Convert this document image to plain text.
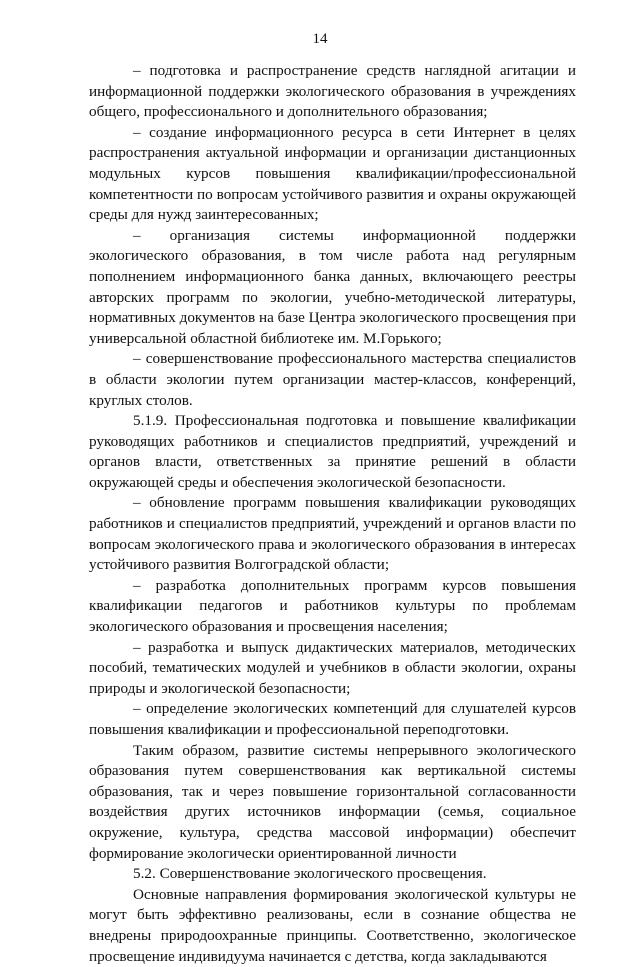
14

– подготовка и распространение средств наглядной агитации и информационной поддержки экологического образования в учреждениях общего, профессионального и дополнительного образования;

– создание информационного ресурса в сети Интернет в целях распространения актуальной информации и организации дистанционных модульных курсов повышения квалификации/профессиональной компетентности по вопросам устойчивого развития и охраны окружающей среды для нужд заинтересованных;

– организация системы информационной поддержки экологического образования, в том числе работа над регулярным пополнением информационного банка данных, включающего реестры авторских программ по экологии, учебно-методической литературы, нормативных документов на базе Центра экологического просвещения при универсальной областной библиотеке им. М.Горького;

– совершенствование профессионального мастерства специалистов в области экологии путем организации мастер-классов, конференций, круглых столов.

5.1.9. Профессиональная подготовка и повышение квалификации руководящих работников и специалистов предприятий, учреждений и органов власти, ответственных за принятие решений в области окружающей среды и обеспечения экологической безопасности.

– обновление программ повышения квалификации руководящих работников и специалистов предприятий, учреждений и органов власти по вопросам экологического права и экологического образования в интересах устойчивого развития Волгоградской области;

– разработка дополнительных программ курсов повышения квалификации педагогов и работников культуры по проблемам экологического образования и просвещения населения;

– разработка и выпуск дидактических материалов, методических пособий, тематических модулей и учебников в области экологии, охраны природы и экологической безопасности;

– определение экологических компетенций для слушателей курсов повышения квалификации и профессиональной переподготовки.

Таким образом, развитие системы непрерывного экологического образования путем совершенствования как вертикальной системы образования, так и через повышение горизонтальной согласованности воздействия других источников информации (семья, социальное окружение, культура, средства массовой информации) обеспечит формирование экологически ориентированной личности

5.2. Совершенствование экологического просвещения.

Основные направления формирования экологической культуры не могут быть эффективно реализованы, если в сознание общества не внедрены природоохранные принципы. Соответственно, экологическое просвещение индивидуума начинается с детства, когда закладываются
